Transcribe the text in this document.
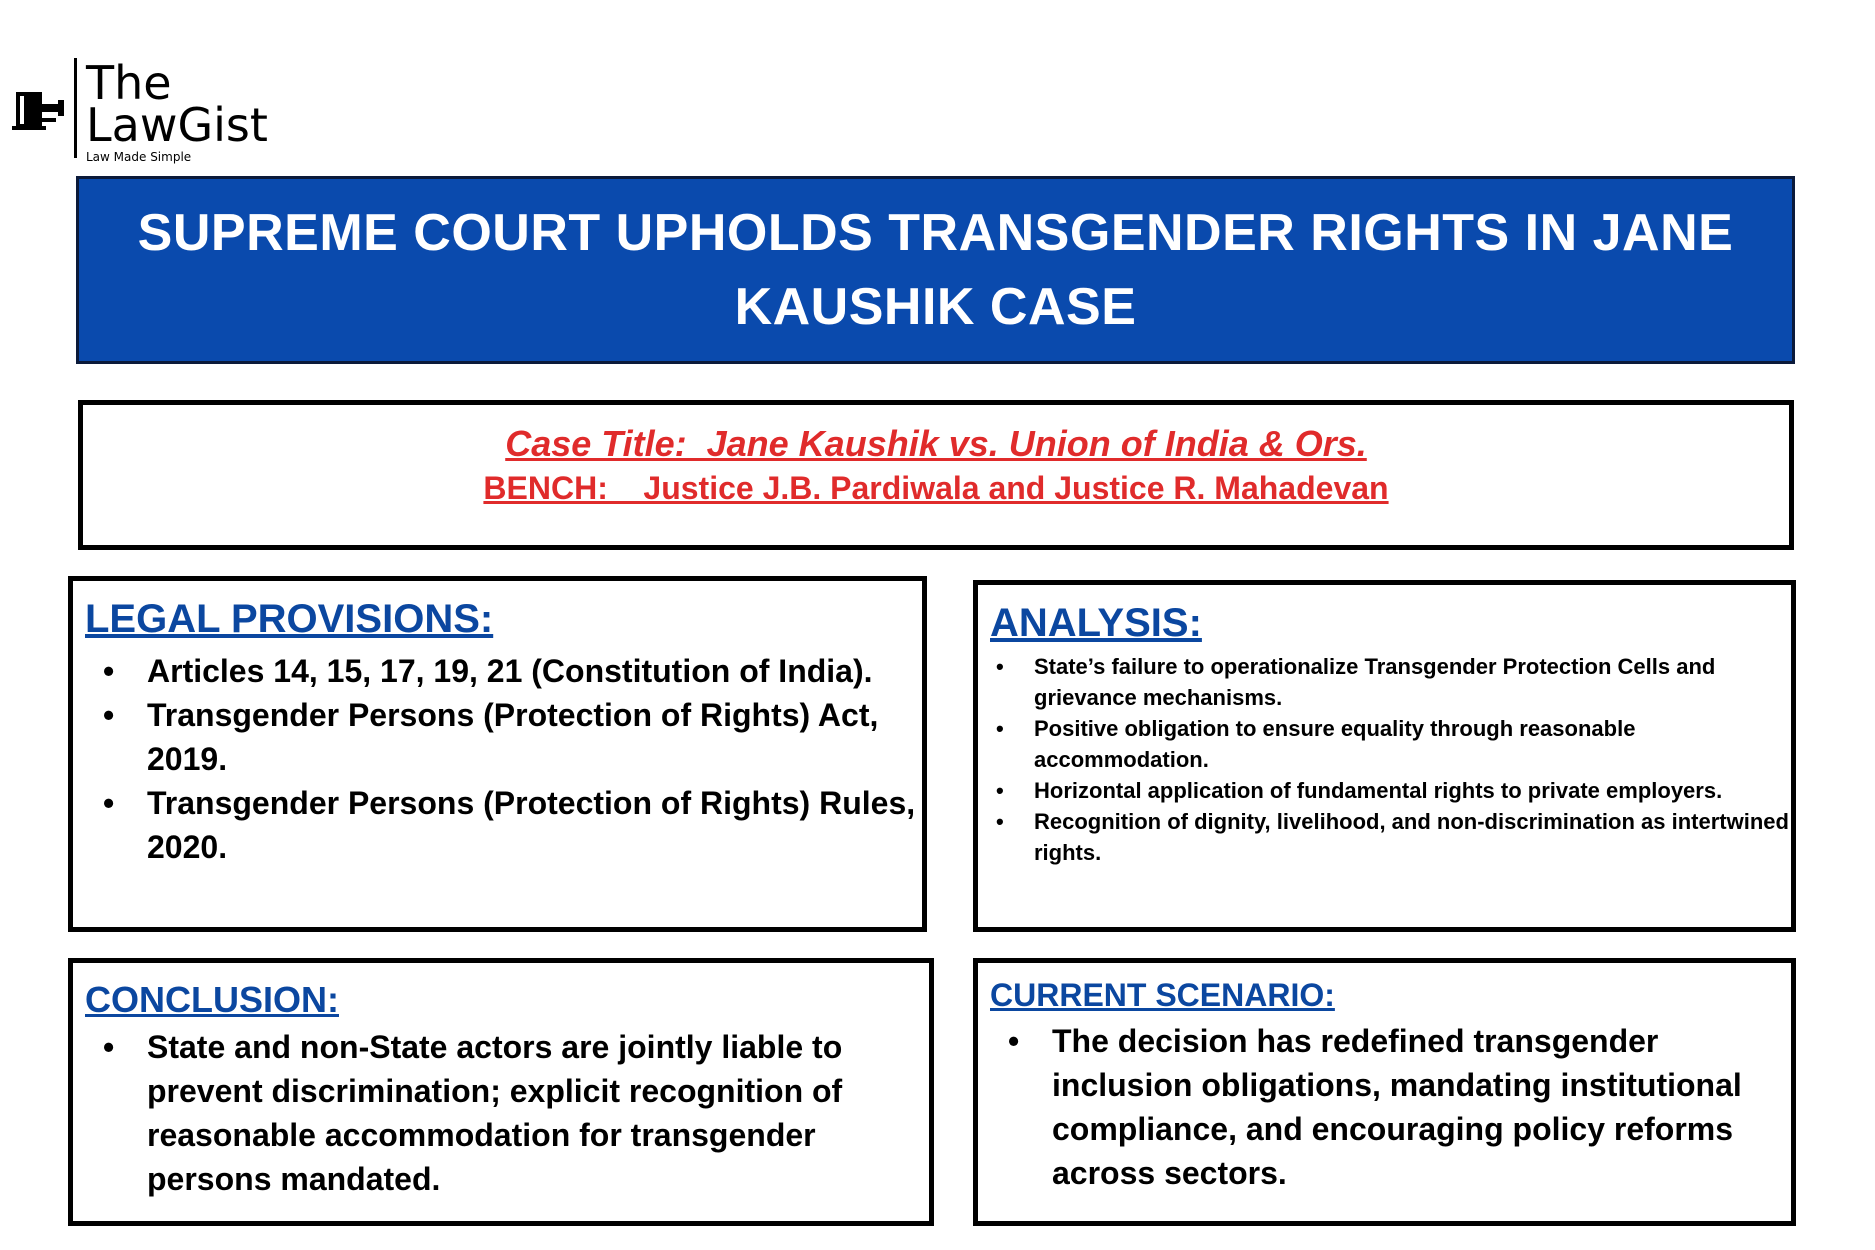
The
LawGist
Law Made Simple
SUPREME COURT UPHOLDS TRANSGENDER RIGHTS IN JANE KAUSHIK CASE
Case Title:  Jane Kaushik vs. Union of India & Ors.
BENCH:    Justice J.B. Pardiwala and Justice R. Mahadevan
LEGAL PROVISIONS:
• Articles 14, 15, 17, 19, 21 (Constitution of India).
• Transgender Persons (Protection of Rights) Act, 2019.
• Transgender Persons (Protection of Rights) Rules, 2020.
ANALYSIS:
• State’s failure to operationalize Transgender Protection Cells and grievance mechanisms.
• Positive obligation to ensure equality through reasonable accommodation.
• Horizontal application of fundamental rights to private employers.
• Recognition of dignity, livelihood, and non-discrimination as intertwined rights.
CONCLUSION:
• State and non-State actors are jointly liable to prevent discrimination; explicit recognition of reasonable accommodation for transgender persons mandated.
CURRENT SCENARIO:
• The decision has redefined transgender inclusion obligations, mandating institutional compliance, and encouraging policy reforms across sectors.
